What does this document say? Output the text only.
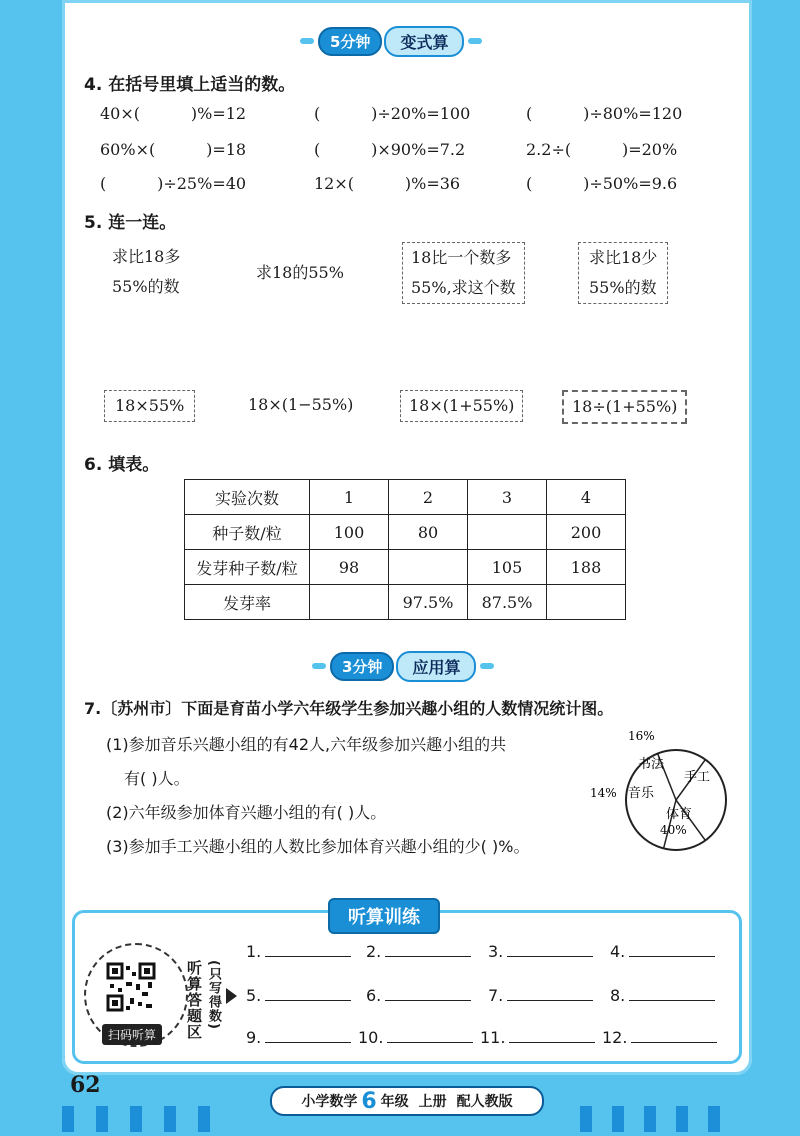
5分钟	变式算
4. 在括号里填上适当的数。
40×(          )%=12	(          )÷20%=100	(          )÷80%=120
60%×(          )=18	(          )×90%=7.2	2.2÷(          )=20%
(          )÷25%=40	12×(          )%=36	(          )÷50%=9.6
5. 连一连。
求比18多
55%的数
求18的55%
18比一个数多
55%,求这个数
求比18少
55%的数
18×55%	18×(1−55%)	18×(1+55%)	18÷(1+55%)
6. 填表。
实验次数	1	2	3	4
种子数/粒	100	80		200
发芽种子数/粒	98		105	188
发芽率		97.5%	87.5%	
3分钟	应用算
7.〔苏州市〕下面是育苗小学六年级学生参加兴趣小组的人数情况统计图。
(1)参加音乐兴趣小组的有42人,六年级参加兴趣小组的共
有( )人。
(2)六年级参加体育兴趣小组的有( )人。
(3)参加手工兴趣小组的人数比参加体育兴趣小组的少( )%。
16%
14%
40%
书法
手工
音乐
体育
听算训练
扫码听算	听算答题区 (只写得数)
1.	2.	3.	4.
5.	6.	7.	8.
9.	10.	11.	12.
62
小学数学 6 年级 上册 配人教版
